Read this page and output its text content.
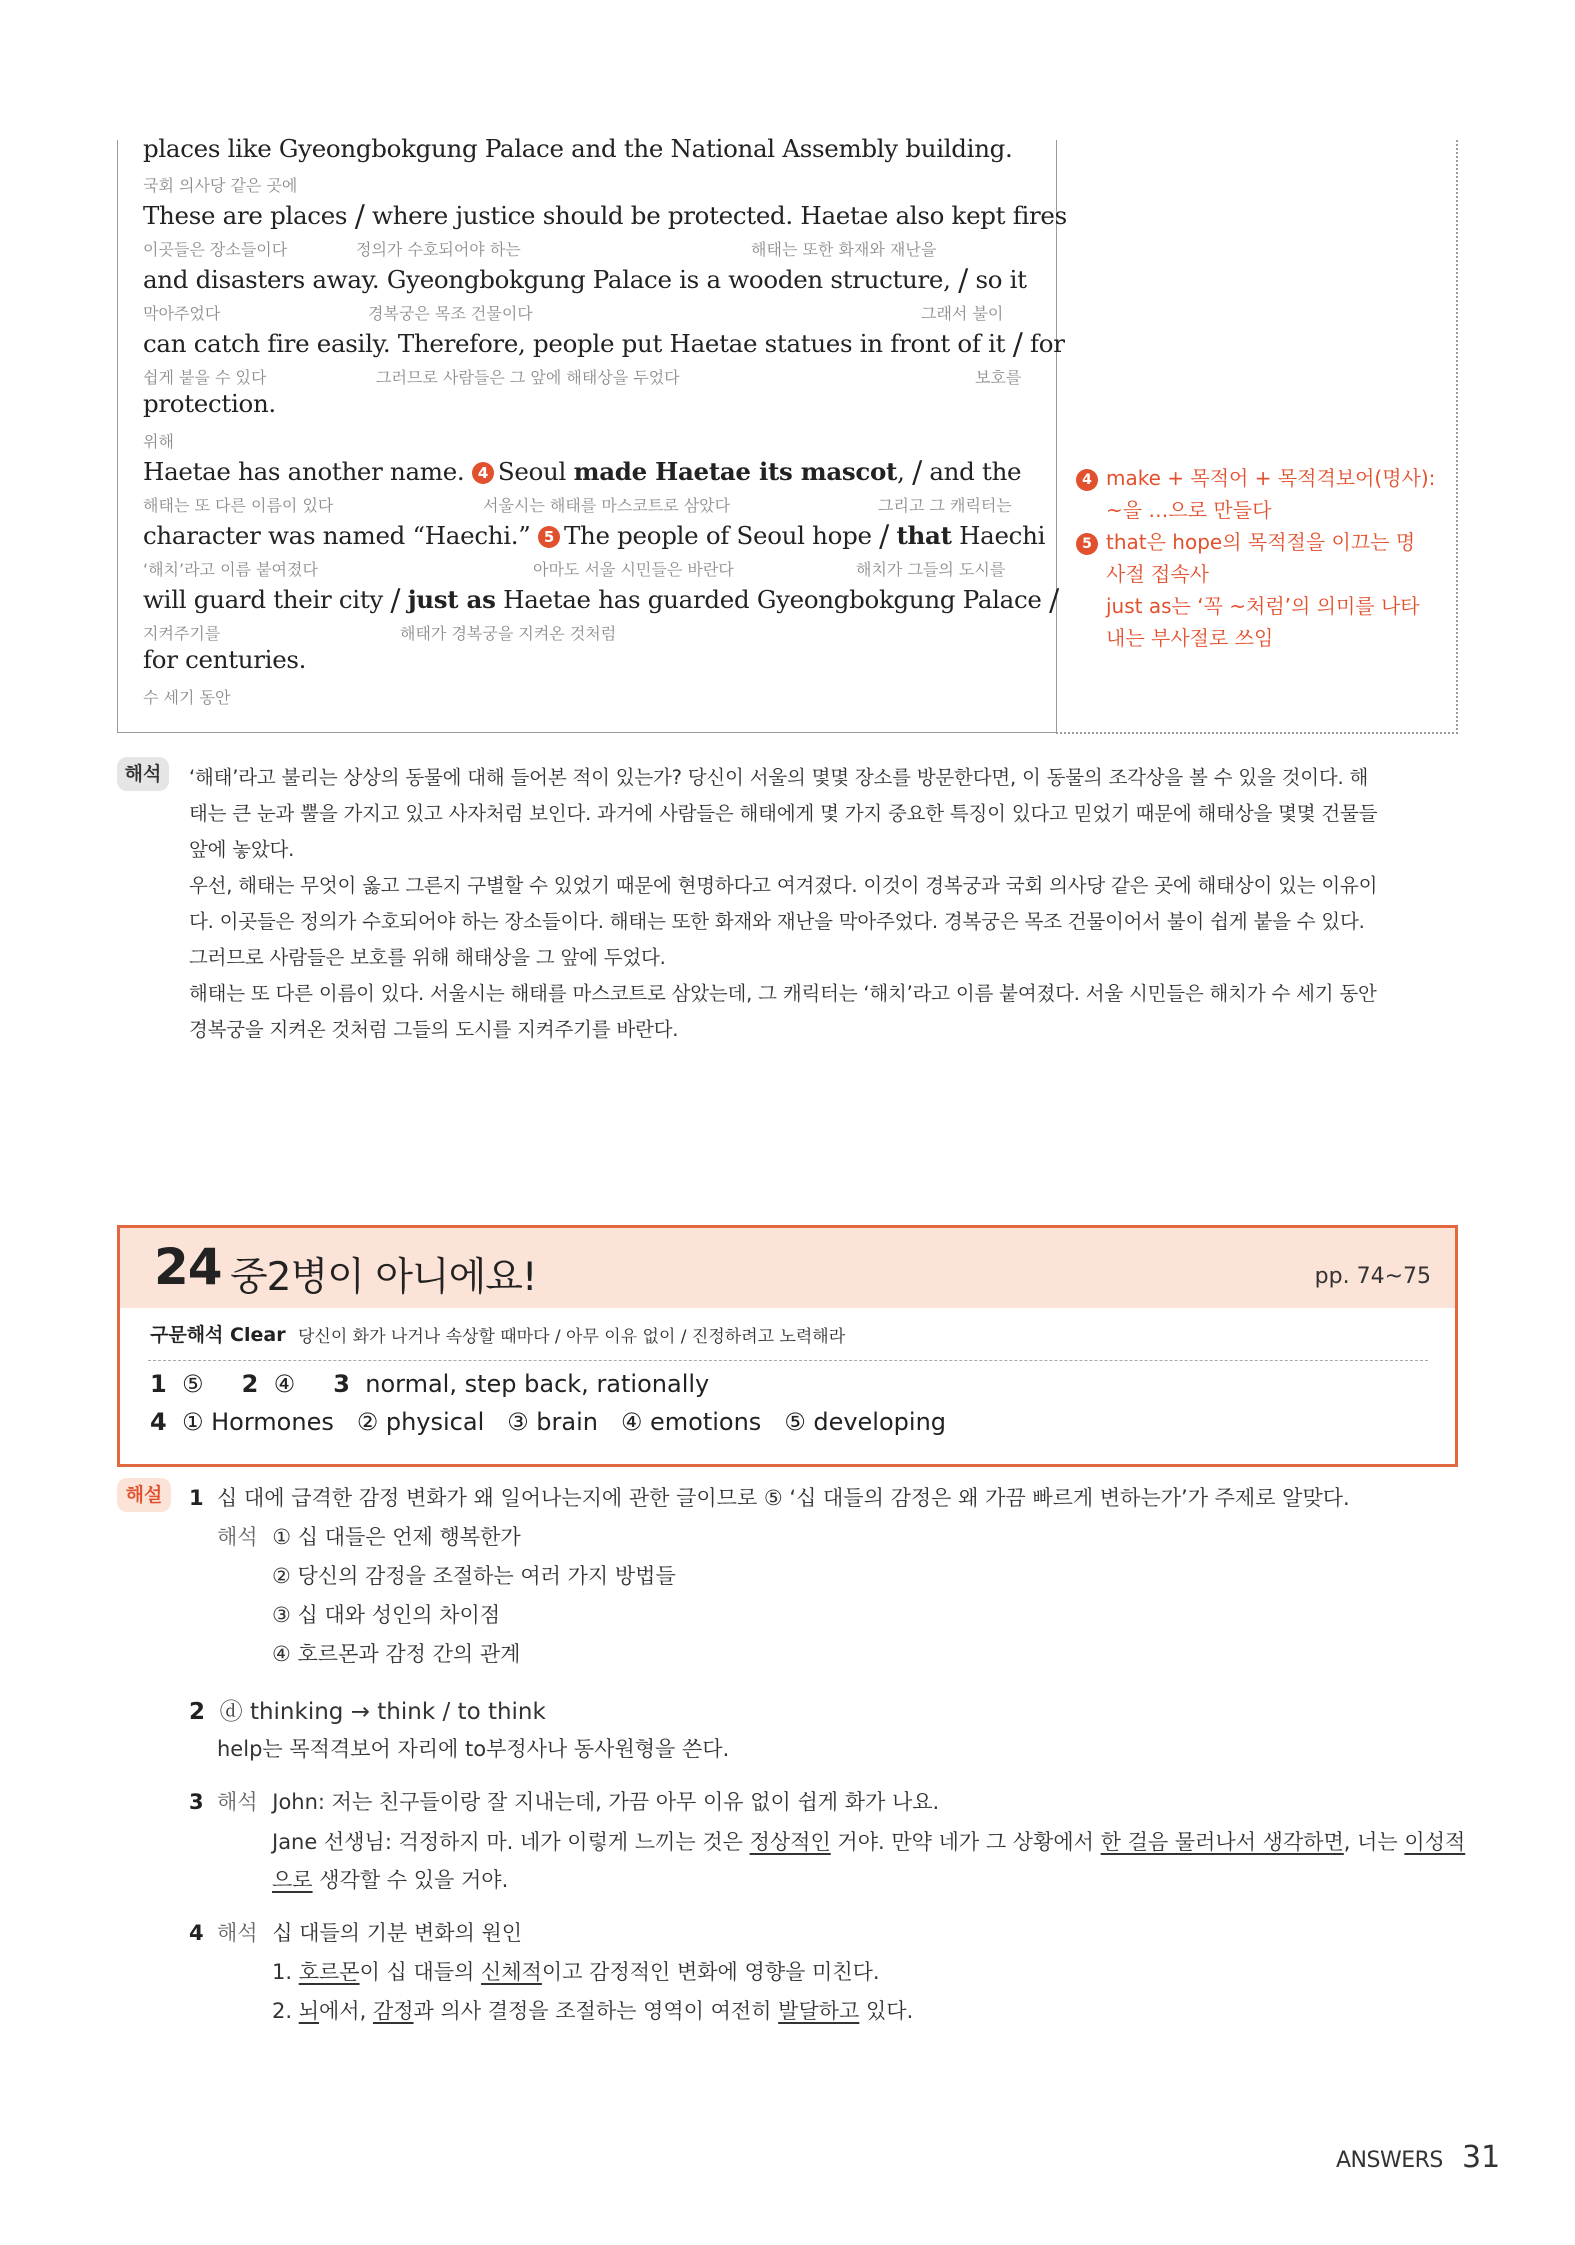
places like Gyeongbokgung Palace and the National Assembly building.
국회 의사당 같은 곳에
These are places / where justice should be protected. Haetae also kept fires
이곳들은 장소들이다	정의가 수호되어야 하는	해태는 또한 화재와 재난을
and disasters away. Gyeongbokgung Palace is a wooden structure, / so it
막아주었다	경복궁은 목조 건물이다	그래서 불이
can catch fire easily. Therefore, people put Haetae statues in front of it / for
쉽게 붙을 수 있다	그러므로 사람들은 그 앞에 해태상을 두었다	보호를
protection.
위해
Haetae has another name. 4 Seoul made Haetae its mascot, / and the
해태는 또 다른 이름이 있다	서울시는 해태를 마스코트로 삼았다	그리고 그 캐릭터는
character was named “Haechi.” 5 The people of Seoul hope / that Haechi
‘해치’라고 이름 붙여졌다	아마도 서울 시민들은 바란다	해치가 그들의 도시를
will guard their city / just as Haetae has guarded Gyeongbokgung Palace /
지켜주기를	해태가 경복궁을 지켜온 것처럼
for centuries.
수 세기 동안
4 make + 목적어 + 목적격보어(명사):
~을 …으로 만들다
5 that은 hope의 목적절을 이끄는 명
사절 접속사
just as는 ‘꼭 ~처럼’의 의미를 나타
내는 부사절로 쓰임
해석	‘해태’라고 불리는 상상의 동물에 대해 들어본 적이 있는가? 당신이 서울의 몇몇 장소를 방문한다면, 이 동물의 조각상을 볼 수 있을 것이다. 해
태는 큰 눈과 뿔을 가지고 있고 사자처럼 보인다. 과거에 사람들은 해태에게 몇 가지 중요한 특징이 있다고 믿었기 때문에 해태상을 몇몇 건물들
앞에 놓았다.
우선, 해태는 무엇이 옳고 그른지 구별할 수 있었기 때문에 현명하다고 여겨졌다. 이것이 경복궁과 국회 의사당 같은 곳에 해태상이 있는 이유이
다. 이곳들은 정의가 수호되어야 하는 장소들이다. 해태는 또한 화재와 재난을 막아주었다. 경복궁은 목조 건물이어서 불이 쉽게 붙을 수 있다.
그러므로 사람들은 보호를 위해 해태상을 그 앞에 두었다.
해태는 또 다른 이름이 있다. 서울시는 해태를 마스코트로 삼았는데, 그 캐릭터는 ‘해치’라고 이름 붙여졌다. 서울 시민들은 해치가 수 세기 동안
경복궁을 지켜온 것처럼 그들의 도시를 지켜주기를 바란다.
24 중2병이 아니에요!	pp. 74~75
구문해석 Clear 당신이 화가 나거나 속상할 때마다 / 아무 이유 없이 / 진정하려고 노력해라
1 ⑤ 2 ④ 3 normal, step back, rationally
4 ① Hormones   ② physical   ③ brain   ④ emotions   ⑤ developing
해설	1 십 대에 급격한 감정 변화가 왜 일어나는지에 관한 글이므로 ⑤ ‘십 대들의 감정은 왜 가끔 빠르게 변하는가’가 주제로 알맞다.
해석 ① 십 대들은 언제 행복한가
② 당신의 감정을 조절하는 여러 가지 방법들
③ 십 대와 성인의 차이점
④ 호르몬과 감정 간의 관계
2 ⓓ thinking → think / to think
help는 목적격보어 자리에 to부정사나 동사원형을 쓴다.
3 해석 John: 저는 친구들이랑 잘 지내는데, 가끔 아무 이유 없이 쉽게 화가 나요.
Jane 선생님: 걱정하지 마. 네가 이렇게 느끼는 것은 정상적인 거야. 만약 네가 그 상황에서 한 걸음 물러나서 생각하면, 너는 이성적
으로 생각할 수 있을 거야.
4 해석 십 대들의 기분 변화의 원인
1. 호르몬이 십 대들의 신체적이고 감정적인 변화에 영향을 미친다.
2. 뇌에서, 감정과 의사 결정을 조절하는 영역이 여전히 발달하고 있다.
ANSWERS 31
